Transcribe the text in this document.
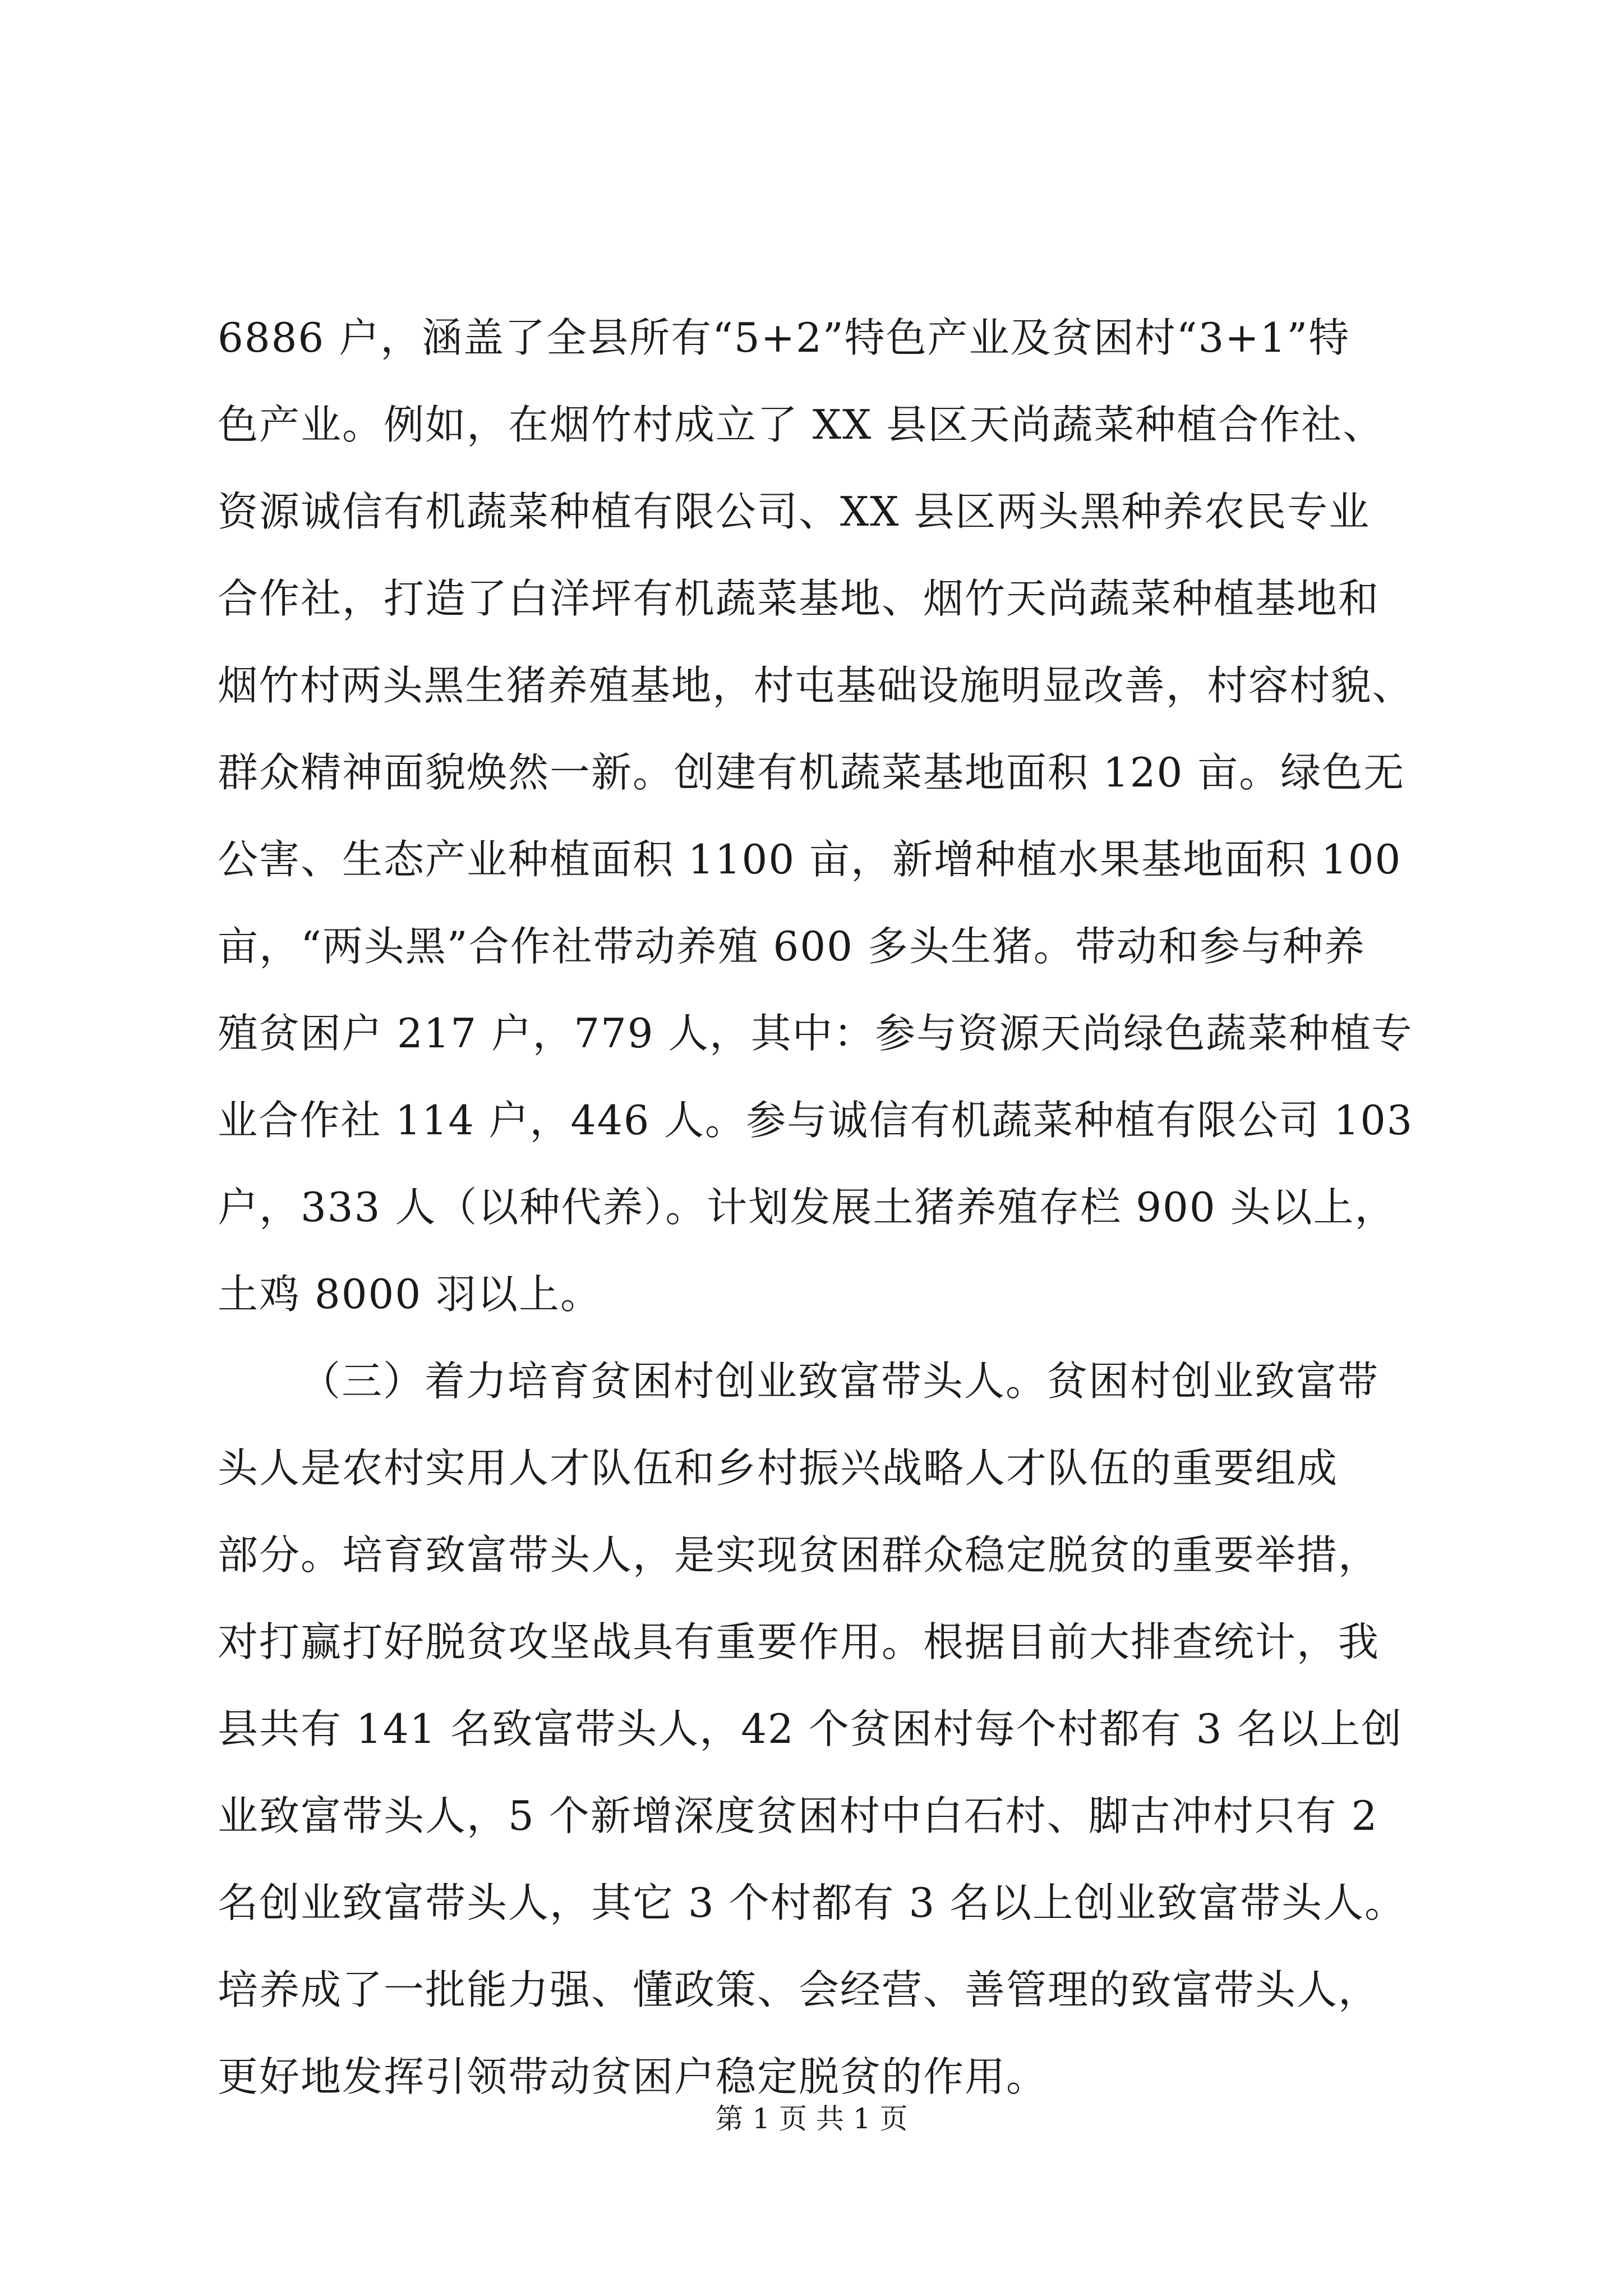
6886 户，涵盖了全县所有“5+2”特色产业及贫困村“3+1”特
色产业。例如，在烟竹村成立了 XX 县区天尚蔬菜种植合作社、
资源诚信有机蔬菜种植有限公司、XX 县区两头黑种养农民专业
合作社，打造了白洋坪有机蔬菜基地、烟竹天尚蔬菜种植基地和
烟竹村两头黑生猪养殖基地，村屯基础设施明显改善，村容村貌、
群众精神面貌焕然一新。创建有机蔬菜基地面积 120 亩。绿色无
公害、生态产业种植面积 1100 亩，新增种植水果基地面积 100
亩，“两头黑”合作社带动养殖 600 多头生猪。带动和参与种养
殖贫困户 217 户，779 人，其中：参与资源天尚绿色蔬菜种植专
业合作社 114 户，446 人。参与诚信有机蔬菜种植有限公司 103
户，333 人（以种代养）。计划发展土猪养殖存栏 900 头以上，
土鸡 8000 羽以上。
（三）着力培育贫困村创业致富带头人。贫困村创业致富带
头人是农村实用人才队伍和乡村振兴战略人才队伍的重要组成
部分。培育致富带头人，是实现贫困群众稳定脱贫的重要举措，
对打赢打好脱贫攻坚战具有重要作用。根据目前大排查统计，我
县共有 141 名致富带头人，42 个贫困村每个村都有 3 名以上创
业致富带头人，5 个新增深度贫困村中白石村、脚古冲村只有 2
名创业致富带头人，其它 3 个村都有 3 名以上创业致富带头人。
培养成了一批能力强、懂政策、会经营、善管理的致富带头人，
更好地发挥引领带动贫困户稳定脱贫的作用。
第 1 页 共 1 页
